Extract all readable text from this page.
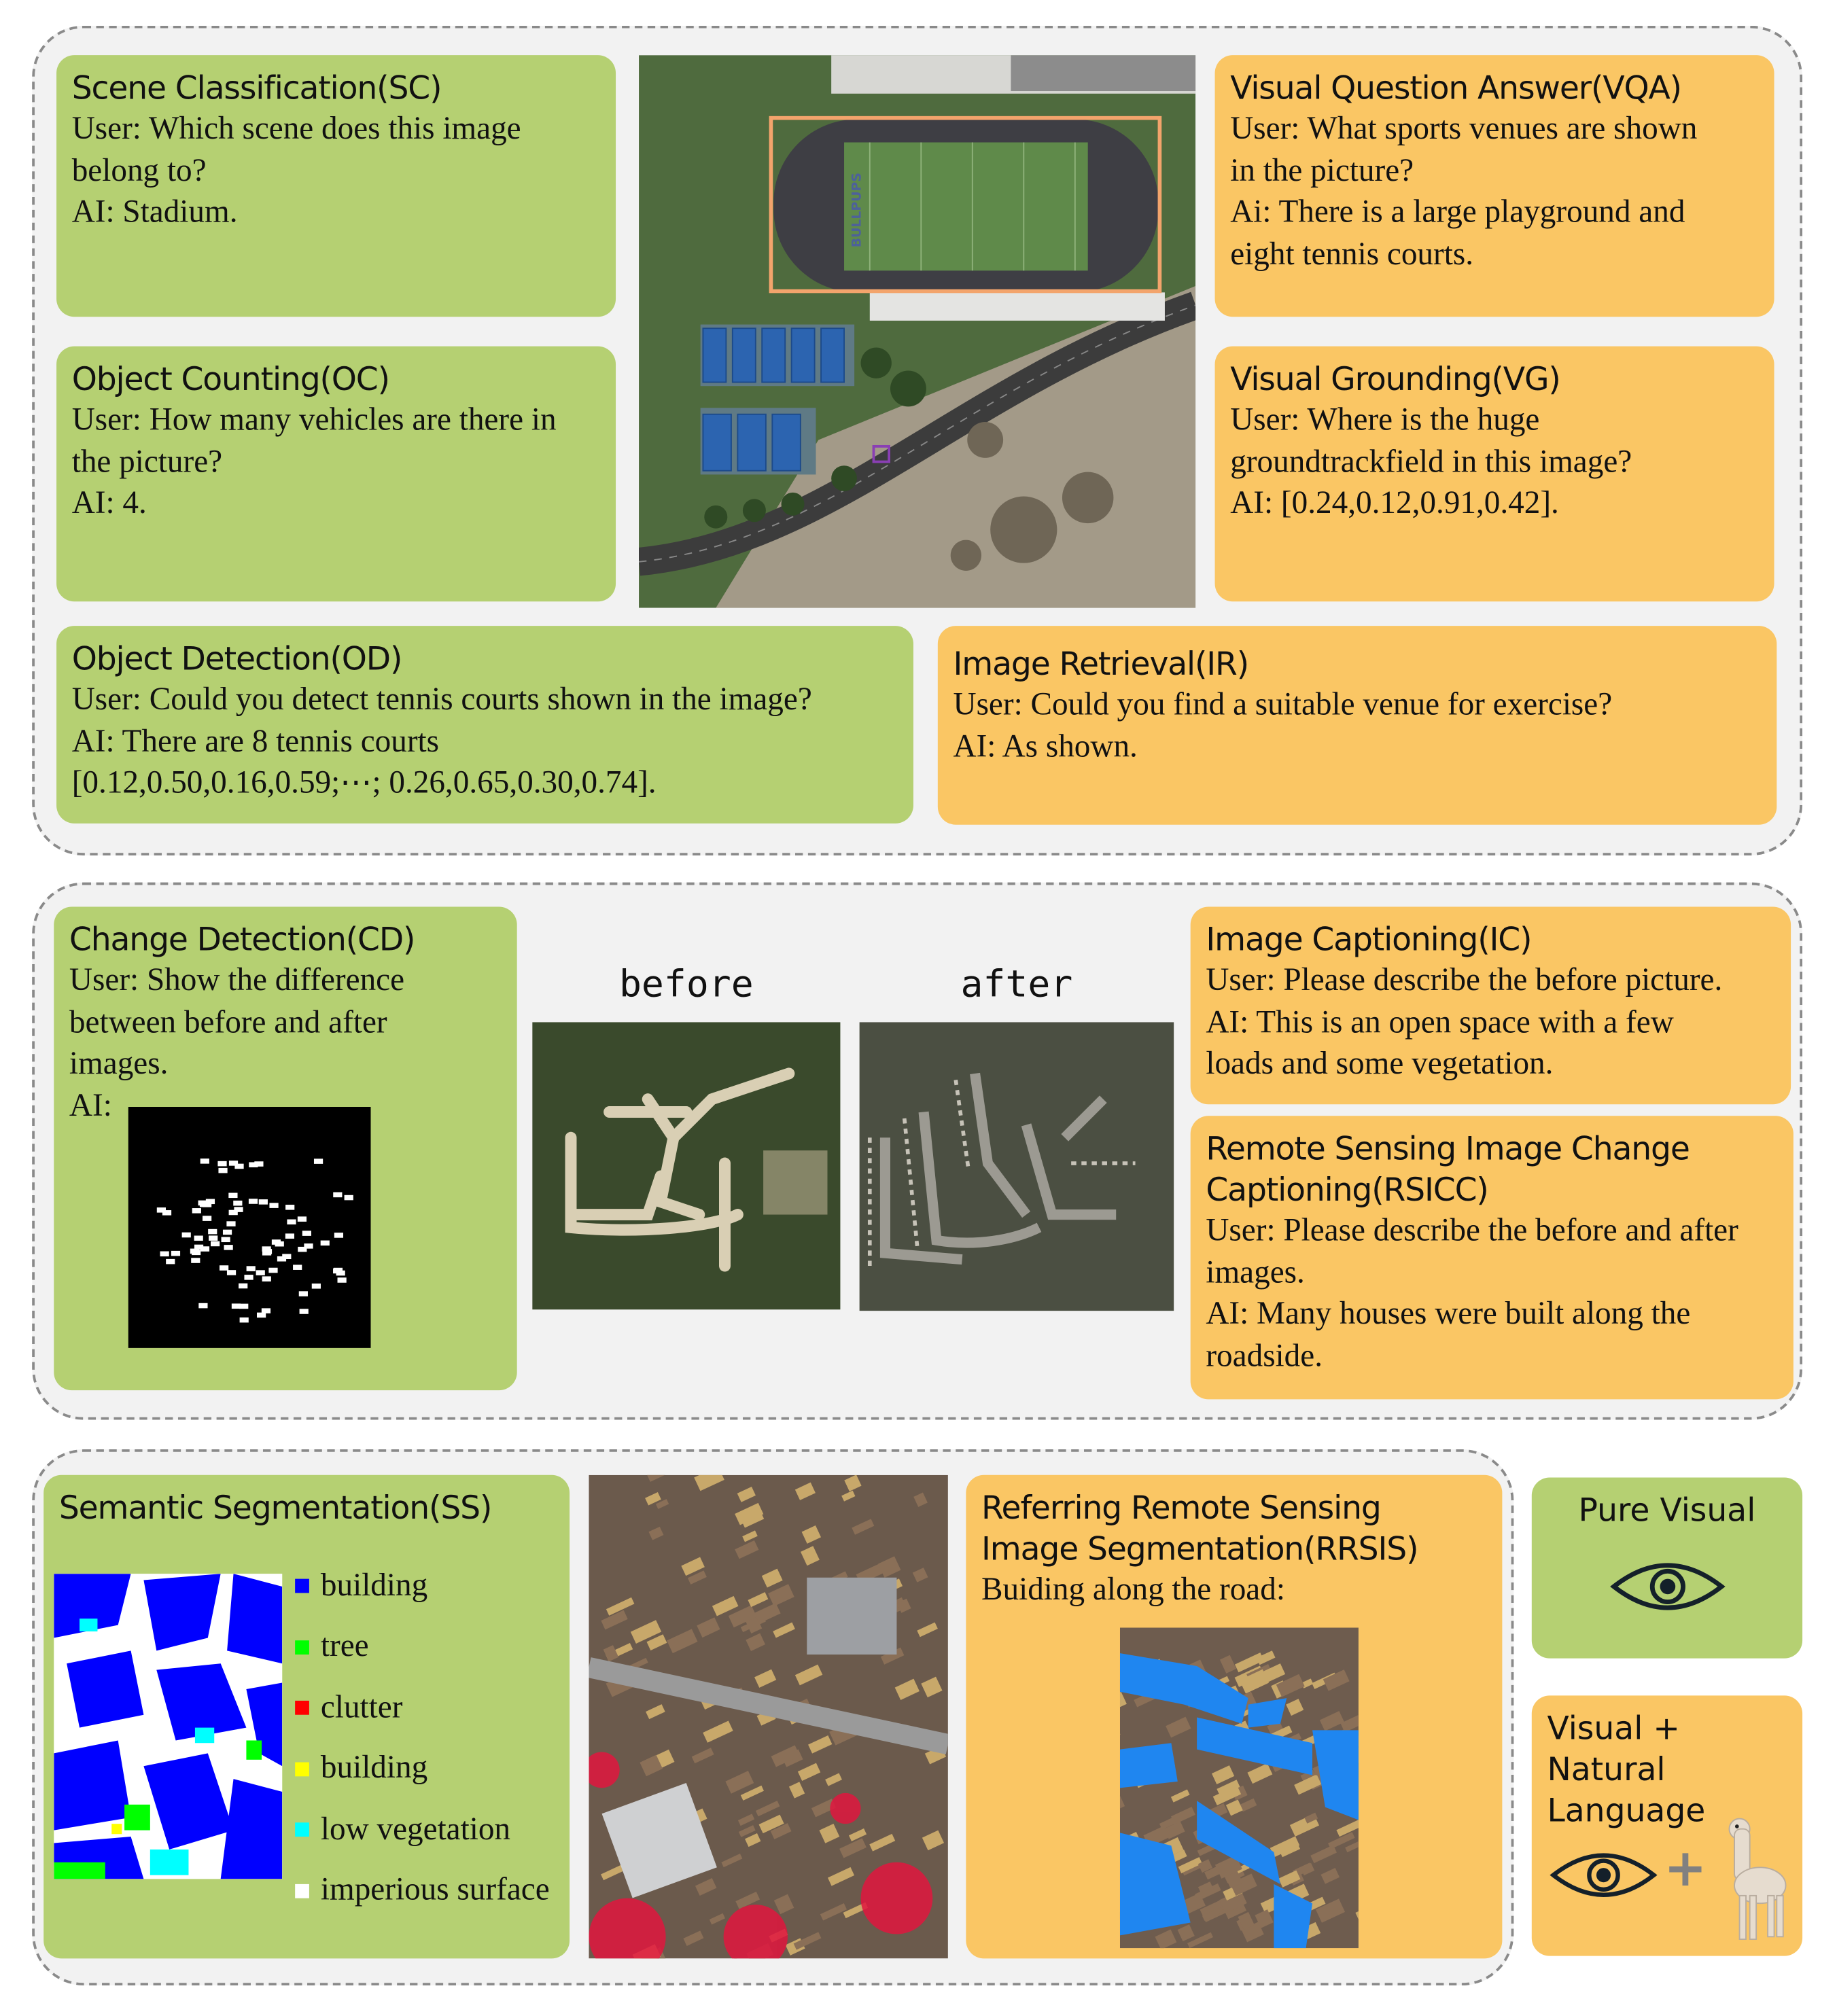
Scene Classification(SC)
User: Which scene does this image
belong to?
AI: Stadium.
Object Counting(OC)
User: How many vehicles are there in
the picture?
AI: 4.
BULLPUPS
Visual Question Answer(VQA)
User: What sports venues are shown
in the picture?
Ai: There is a large playground and
eight tennis courts.
Visual Grounding(VG)
User: Where is the huge
groundtrackfield in this image?
AI: [0.24,0.12,0.91,0.42].
Object Detection(OD)
User: Could you detect tennis courts shown in the image?
AI: There are 8 tennis courts
[0.12,0.50,0.16,0.59;⋯; 0.26,0.65,0.30,0.74].
Image Retrieval(IR)
User: Could you find a suitable venue for exercise?
AI: As shown.
Change Detection(CD)
User: Show the difference
between before and after
images.
AI:
before	after
Image Captioning(IC)
User: Please describe the before picture.
AI: This is an open space with a few
loads and some vegetation.
Remote Sensing Image Change
Captioning(RSICC)
User: Please describe the before and after
images.
AI: Many houses were built along the
roadside.
Semantic Segmentation(SS)
building
tree
clutter
building
low vegetation
imperious surface
Referring Remote Sensing
Image Segmentation(RRSIS)
Buiding along the road:
Pure Visual
Visual + Natural
Language
+
